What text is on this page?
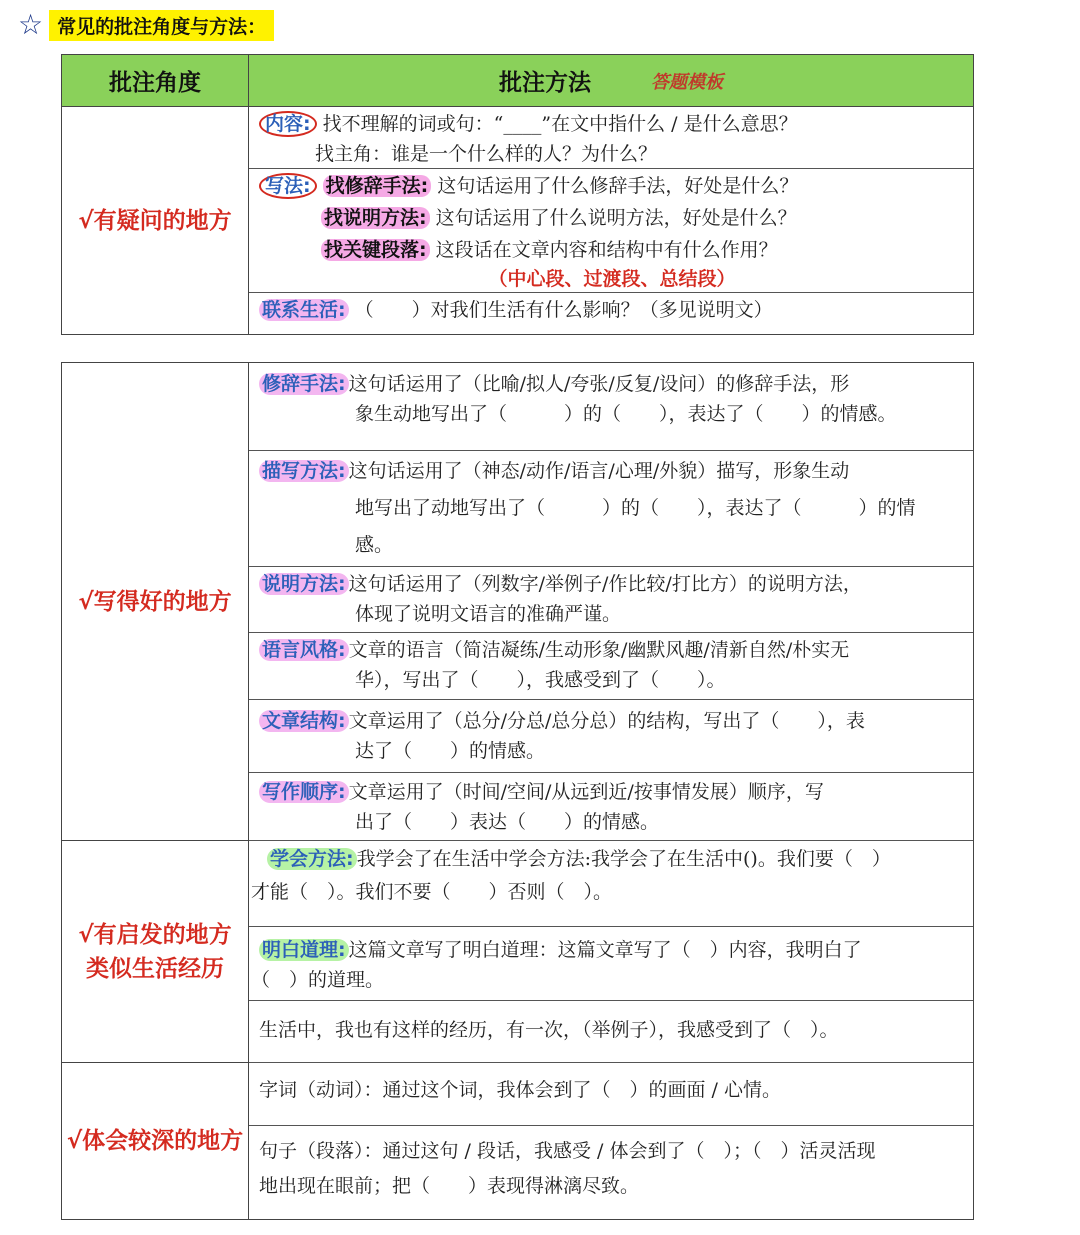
☆ 常见的批注角度与方法：
批注角度	批注方法	答题模板
√有疑问的地方
内容: 找不理解的词或句：“____”在文中指什么 / 是什么意思？
找主角：谁是一个什么样的人？为什么？
写法: 找修辞手法: 这句话运用了什么修辞手法，好处是什么？
找说明方法: 这句话运用了什么说明方法，好处是什么？
找关键段落: 这段话在文章内容和结构中有什么作用？
（中心段、过渡段、总结段）
联系生活: （　　）对我们生活有什么影响？（多见说明文）
√写得好的地方
√有启发的地方
类似生活经历
√体会较深的地方
修辞手法: 这句话运用了（比喻/拟人/夸张/反复/设问）的修辞手法，形
象生动地写出了（　　　）的（　　），表达了（　　）的情感。
描写方法: 这句话运用了（神态/动作/语言/心理/外貌）描写，形象生动
地写出了动地写出了（　　　）的（　　），表达了（　　　）的情
感。
说明方法: 这句话运用了（列数字/举例子/作比较/打比方）的说明方法，
体现了说明文语言的准确严谨。
语言风格: 文章的语言（简洁凝练/生动形象/幽默风趣/清新自然/朴实无
华），写出了（　　），我感受到了（　　）。
文章结构: 文章运用了（总分/分总/总分总）的结构，写出了（　　），表
达了（　　）的情感。
写作顺序: 文章运用了（时间/空间/从远到近/按事情发展）顺序，写
出了（　　）表达（　　）的情感。
学会方法: 我学会了在生活中学会方法:我学会了在生活中()。我们要（　）
才能（　）。我们不要（　　）否则（　）。
明白道理: 这篇文章写了明白道理：这篇文章写了（　）内容，我明白了
（　）的道理。
生活中，我也有这样的经历，有一次，（举例子），我感受到了（　）。
字词（动词）：通过这个词，我体会到了（　）的画面 / 心情。
句子（段落）：通过这句 / 段话，我感受 / 体会到了（　）；（　）活灵活现
地出现在眼前；把（　　）表现得淋漓尽致。
